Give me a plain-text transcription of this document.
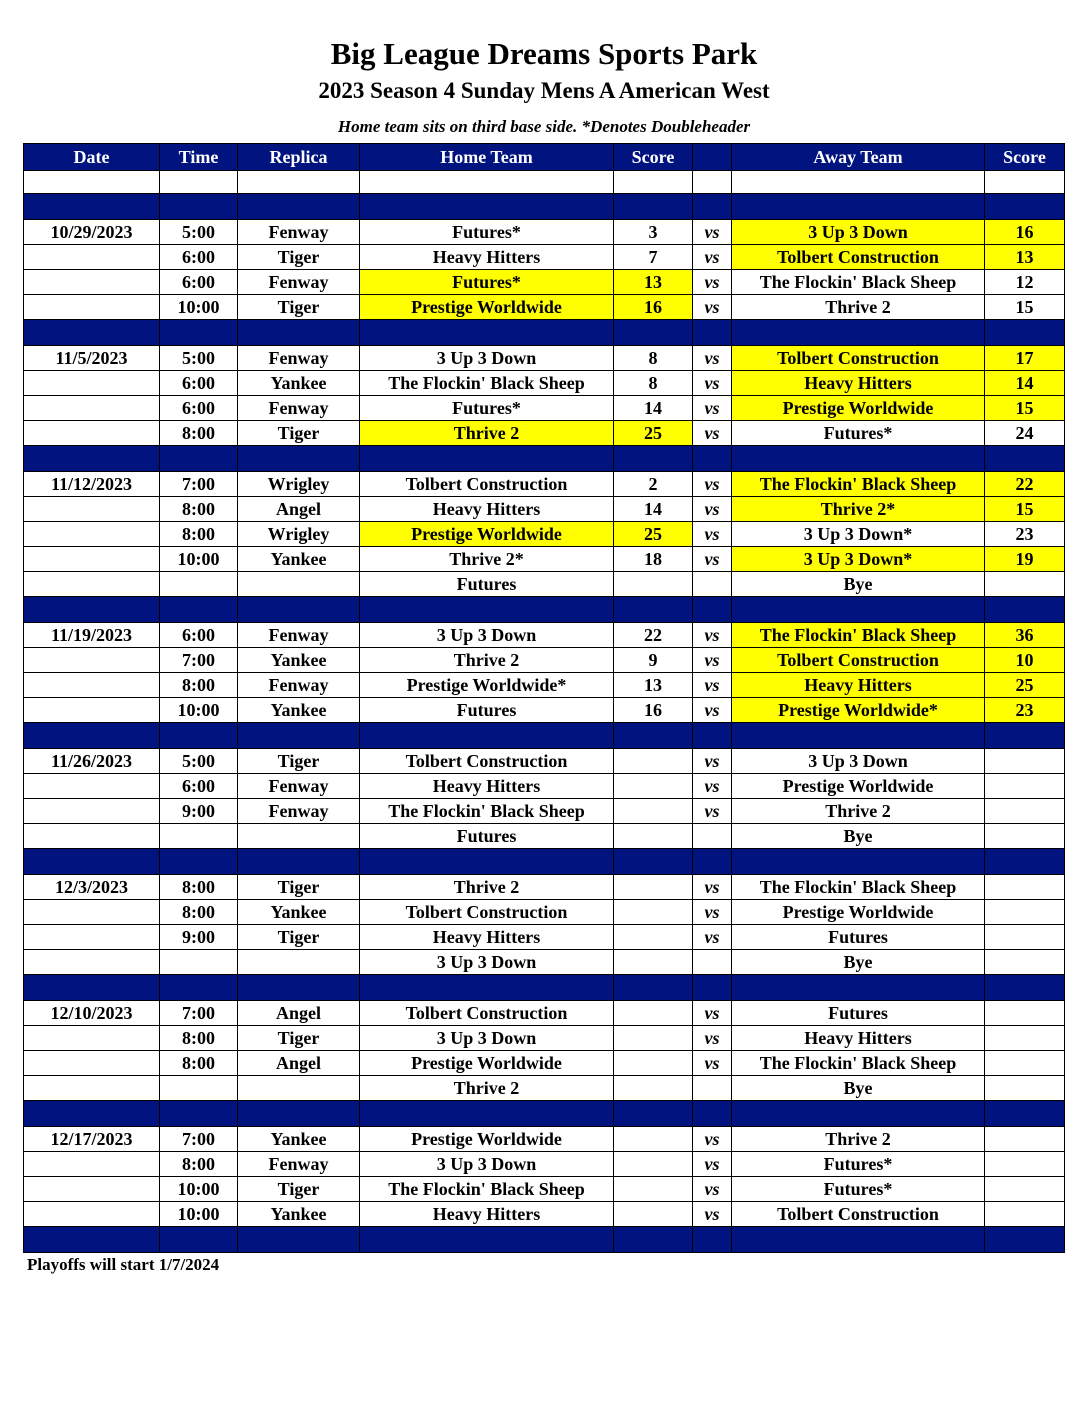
Big League Dreams Sports Park
2023 Season 4 Sunday Mens A American West
Home team sits on third base side. *Denotes Doubleheader
Date	Time	Replica	Home Team	Score		Away Team	Score

10/29/2023	5:00	Fenway	Futures*	3	vs	3 Up 3 Down	16
	6:00	Tiger	Heavy Hitters	7	vs	Tolbert Construction	13
	6:00	Fenway	Futures*	13	vs	The Flockin' Black Sheep	12
	10:00	Tiger	Prestige Worldwide	16	vs	Thrive 2	15

11/5/2023	5:00	Fenway	3 Up 3 Down	8	vs	Tolbert Construction	17
	6:00	Yankee	The Flockin' Black Sheep	8	vs	Heavy Hitters	14
	6:00	Fenway	Futures*	14	vs	Prestige Worldwide	15
	8:00	Tiger	Thrive 2	25	vs	Futures*	24

11/12/2023	7:00	Wrigley	Tolbert Construction	2	vs	The Flockin' Black Sheep	22
	8:00	Angel	Heavy Hitters	14	vs	Thrive 2*	15
	8:00	Wrigley	Prestige Worldwide	25	vs	3 Up 3 Down*	23
	10:00	Yankee	Thrive 2*	18	vs	3 Up 3 Down*	19
			Futures			Bye	

11/19/2023	6:00	Fenway	3 Up 3 Down	22	vs	The Flockin' Black Sheep	36
	7:00	Yankee	Thrive 2	9	vs	Tolbert Construction	10
	8:00	Fenway	Prestige Worldwide*	13	vs	Heavy Hitters	25
	10:00	Yankee	Futures	16	vs	Prestige Worldwide*	23

11/26/2023	5:00	Tiger	Tolbert Construction		vs	3 Up 3 Down	
	6:00	Fenway	Heavy Hitters		vs	Prestige Worldwide	
	9:00	Fenway	The Flockin' Black Sheep		vs	Thrive 2	
			Futures			Bye	

12/3/2023	8:00	Tiger	Thrive 2		vs	The Flockin' Black Sheep	
	8:00	Yankee	Tolbert Construction		vs	Prestige Worldwide	
	9:00	Tiger	Heavy Hitters		vs	Futures	
			3 Up 3 Down			Bye	

12/10/2023	7:00	Angel	Tolbert Construction		vs	Futures	
	8:00	Tiger	3 Up 3 Down		vs	Heavy Hitters	
	8:00	Angel	Prestige Worldwide		vs	The Flockin' Black Sheep	
			Thrive 2			Bye	

12/17/2023	7:00	Yankee	Prestige Worldwide		vs	Thrive 2	
	8:00	Fenway	3 Up 3 Down		vs	Futures*	
	10:00	Tiger	The Flockin' Black Sheep		vs	Futures*	
	10:00	Yankee	Heavy Hitters		vs	Tolbert Construction	

Playoffs will start 1/7/2024
